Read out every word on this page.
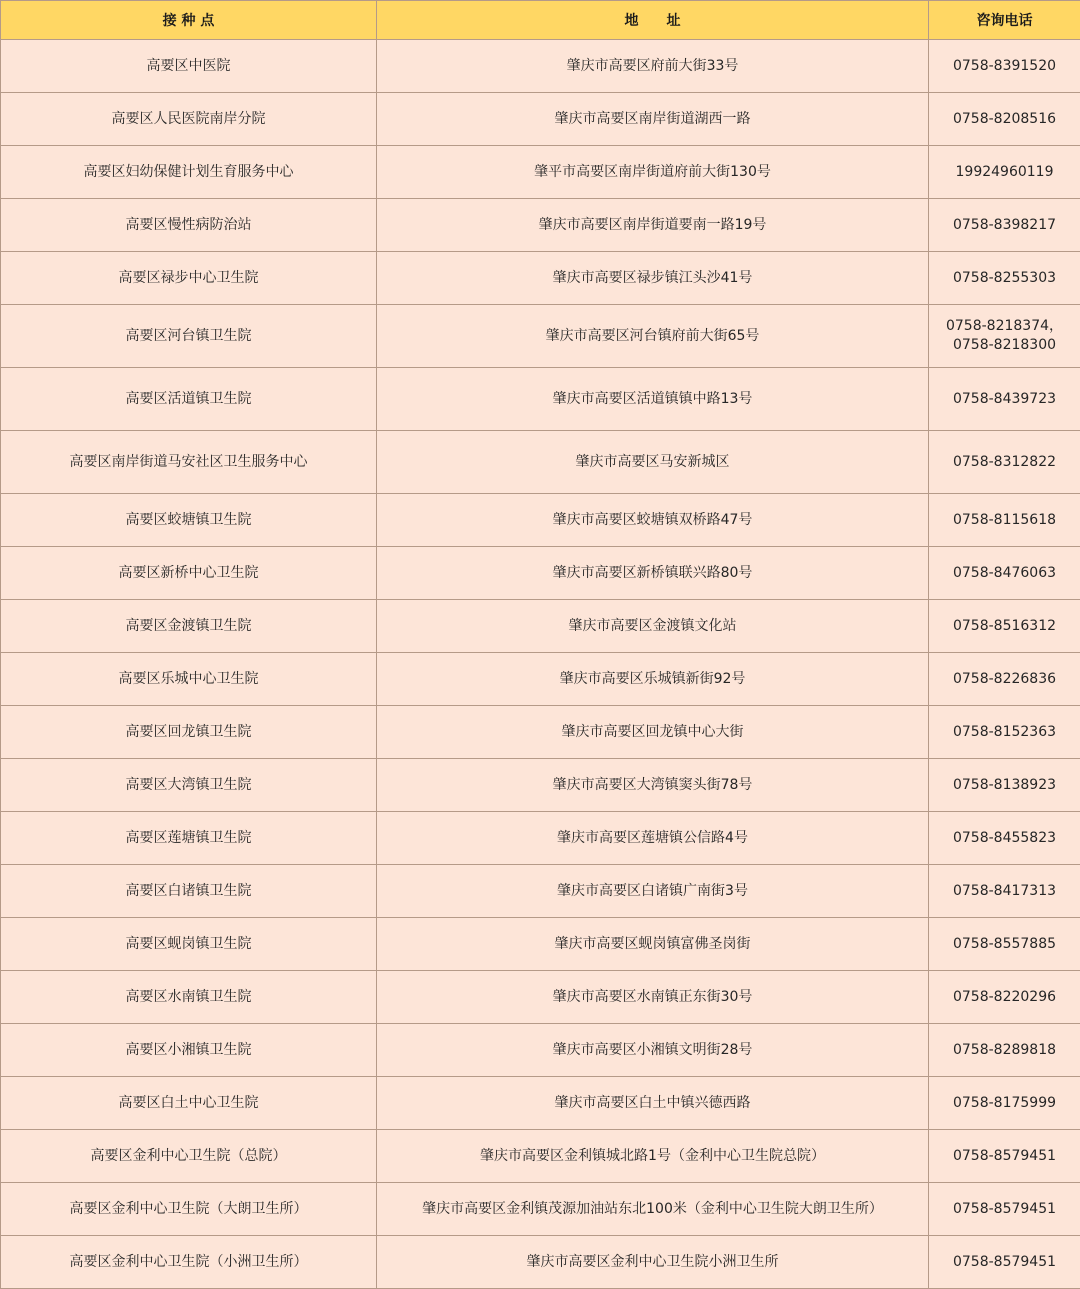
接 种 点	地　　址	咨询电话
高要区中医院	肇庆市高要区府前大街33号	0758-8391520

高要区人民医院南岸分院	肇庆市高要区南岸街道湖西一路	0758-8208516

高要区妇幼保健计划生育服务中心	肇平市高要区南岸街道府前大街130号	19924960119

高要区慢性病防治站	肇庆市高要区南岸街道要南一路19号	0758-8398217

高要区禄步中心卫生院	肇庆市高要区禄步镇江头沙41号	0758-8255303

高要区河台镇卫生院	肇庆市高要区河台镇府前大街65号	0758-8218374，
0758-8218300

高要区活道镇卫生院	肇庆市高要区活道镇镇中路13号	0758-8439723

高要区南岸街道马安社区卫生服务中心	肇庆市高要区马安新城区	0758-8312822

高要区蛟塘镇卫生院	肇庆市高要区蛟塘镇双桥路47号	0758-8115618

高要区新桥中心卫生院	肇庆市高要区新桥镇联兴路80号	0758-8476063

高要区金渡镇卫生院	肇庆市高要区金渡镇文化站	0758-8516312

高要区乐城中心卫生院	肇庆市高要区乐城镇新街92号	0758-8226836

高要区回龙镇卫生院	肇庆市高要区回龙镇中心大街	0758-8152363

高要区大湾镇卫生院	肇庆市高要区大湾镇窦头街78号	0758-8138923

高要区莲塘镇卫生院	肇庆市高要区莲塘镇公信路4号	0758-8455823

高要区白诸镇卫生院	肇庆市高要区白诸镇广南街3号	0758-8417313

高要区蚬岗镇卫生院	肇庆市高要区蚬岗镇富佛圣岗街	0758-8557885

高要区水南镇卫生院	肇庆市高要区水南镇正东街30号	0758-8220296

高要区小湘镇卫生院	肇庆市高要区小湘镇文明街28号	0758-8289818

高要区白土中心卫生院	肇庆市高要区白土中镇兴德西路	0758-8175999

高要区金利中心卫生院（总院）	肇庆市高要区金利镇城北路1号（金利中心卫生院总院）	0758-8579451

高要区金利中心卫生院（大朗卫生所）	肇庆市高要区金利镇茂源加油站东北100米（金利中心卫生院大朗卫生所）	0758-8579451

高要区金利中心卫生院（小洲卫生所）	肇庆市高要区金利中心卫生院小洲卫生所	0758-8579451
